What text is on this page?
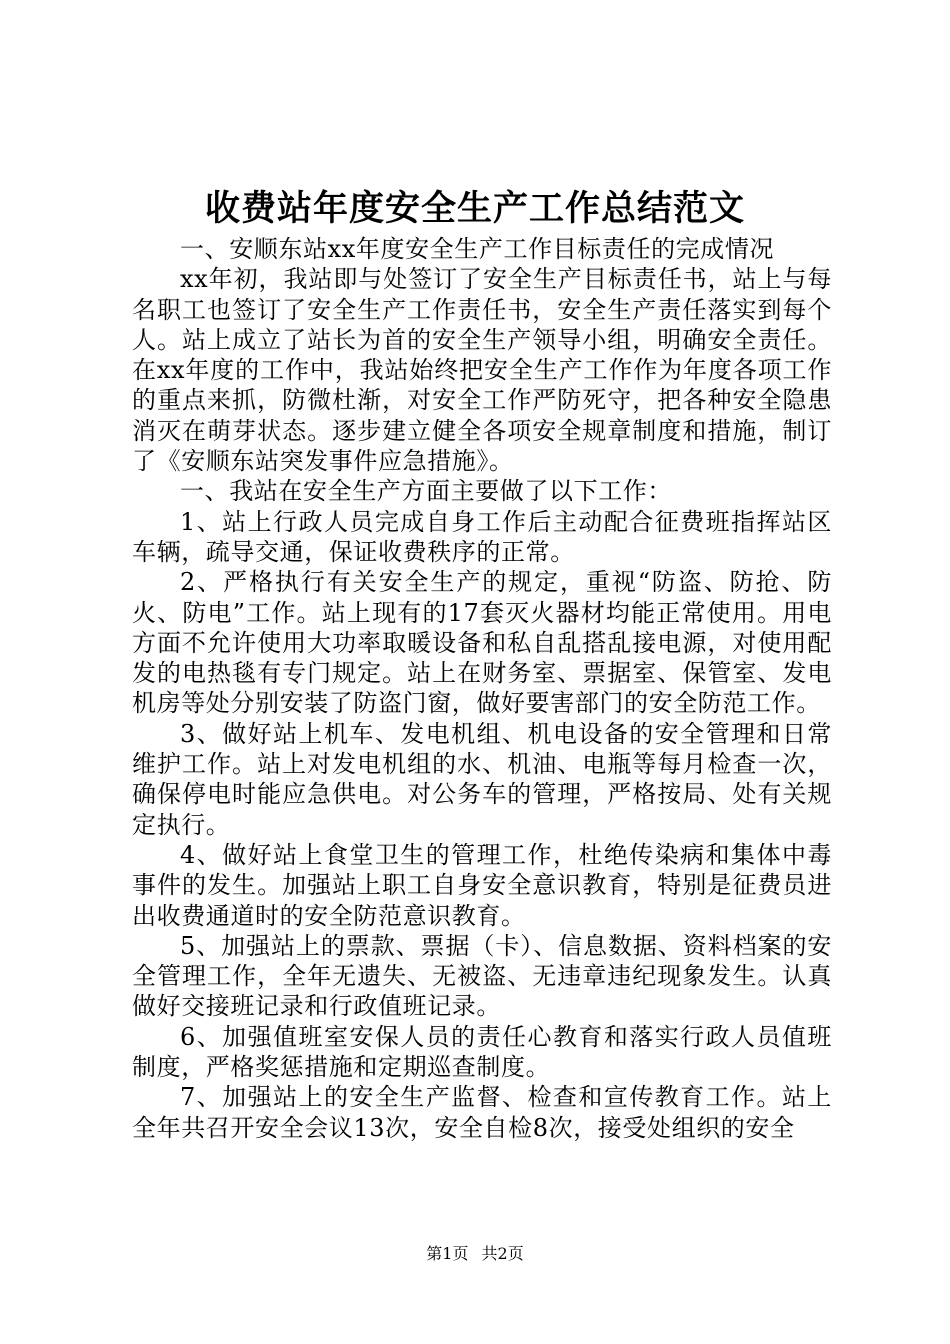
收费站年度安全生产工作总结范文

一、安顺东站xx年度安全生产工作目标责任的完成情况

xx年初，我站即与处签订了安全生产目标责任书，站上与每名职工也签订了安全生产工作责任书，安全生产责任落实到每个人。站上成立了站长为首的安全生产领导小组，明确安全责任。在xx年度的工作中，我站始终把安全生产工作作为年度各项工作的重点来抓，防微杜渐，对安全工作严防死守，把各种安全隐患消灭在萌芽状态。逐步建立健全各项安全规章制度和措施，制订了《安顺东站突发事件应急措施》。

一、我站在安全生产方面主要做了以下工作：

1、站上行政人员完成自身工作后主动配合征费班指挥站区车辆，疏导交通，保证收费秩序的正常。

2、严格执行有关安全生产的规定，重视“防盗、防抢、防火、防电”工作。站上现有的17套灭火器材均能正常使用。用电方面不允许使用大功率取暖设备和私自乱搭乱接电源，对使用配发的电热毯有专门规定。站上在财务室、票据室、保管室、发电机房等处分别安装了防盗门窗，做好要害部门的安全防范工作。

3、做好站上机车、发电机组、机电设备的安全管理和日常维护工作。站上对发电机组的水、机油、电瓶等每月检查一次，确保停电时能应急供电。对公务车的管理，严格按局、处有关规定执行。

4、做好站上食堂卫生的管理工作，杜绝传染病和集体中毒事件的发生。加强站上职工自身安全意识教育，特别是征费员进出收费通道时的安全防范意识教育。

5、加强站上的票款、票据（卡）、信息数据、资料档案的安全管理工作，全年无遗失、无被盗、无违章违纪现象发生。认真做好交接班记录和行政值班记录。

6、加强值班室安保人员的责任心教育和落实行政人员值班制度，严格奖惩措施和定期巡查制度。

7、加强站上的安全生产监督、检查和宣传教育工作。站上全年共召开安全会议13次，安全自检8次，接受处组织的安全

第1页 共2页
